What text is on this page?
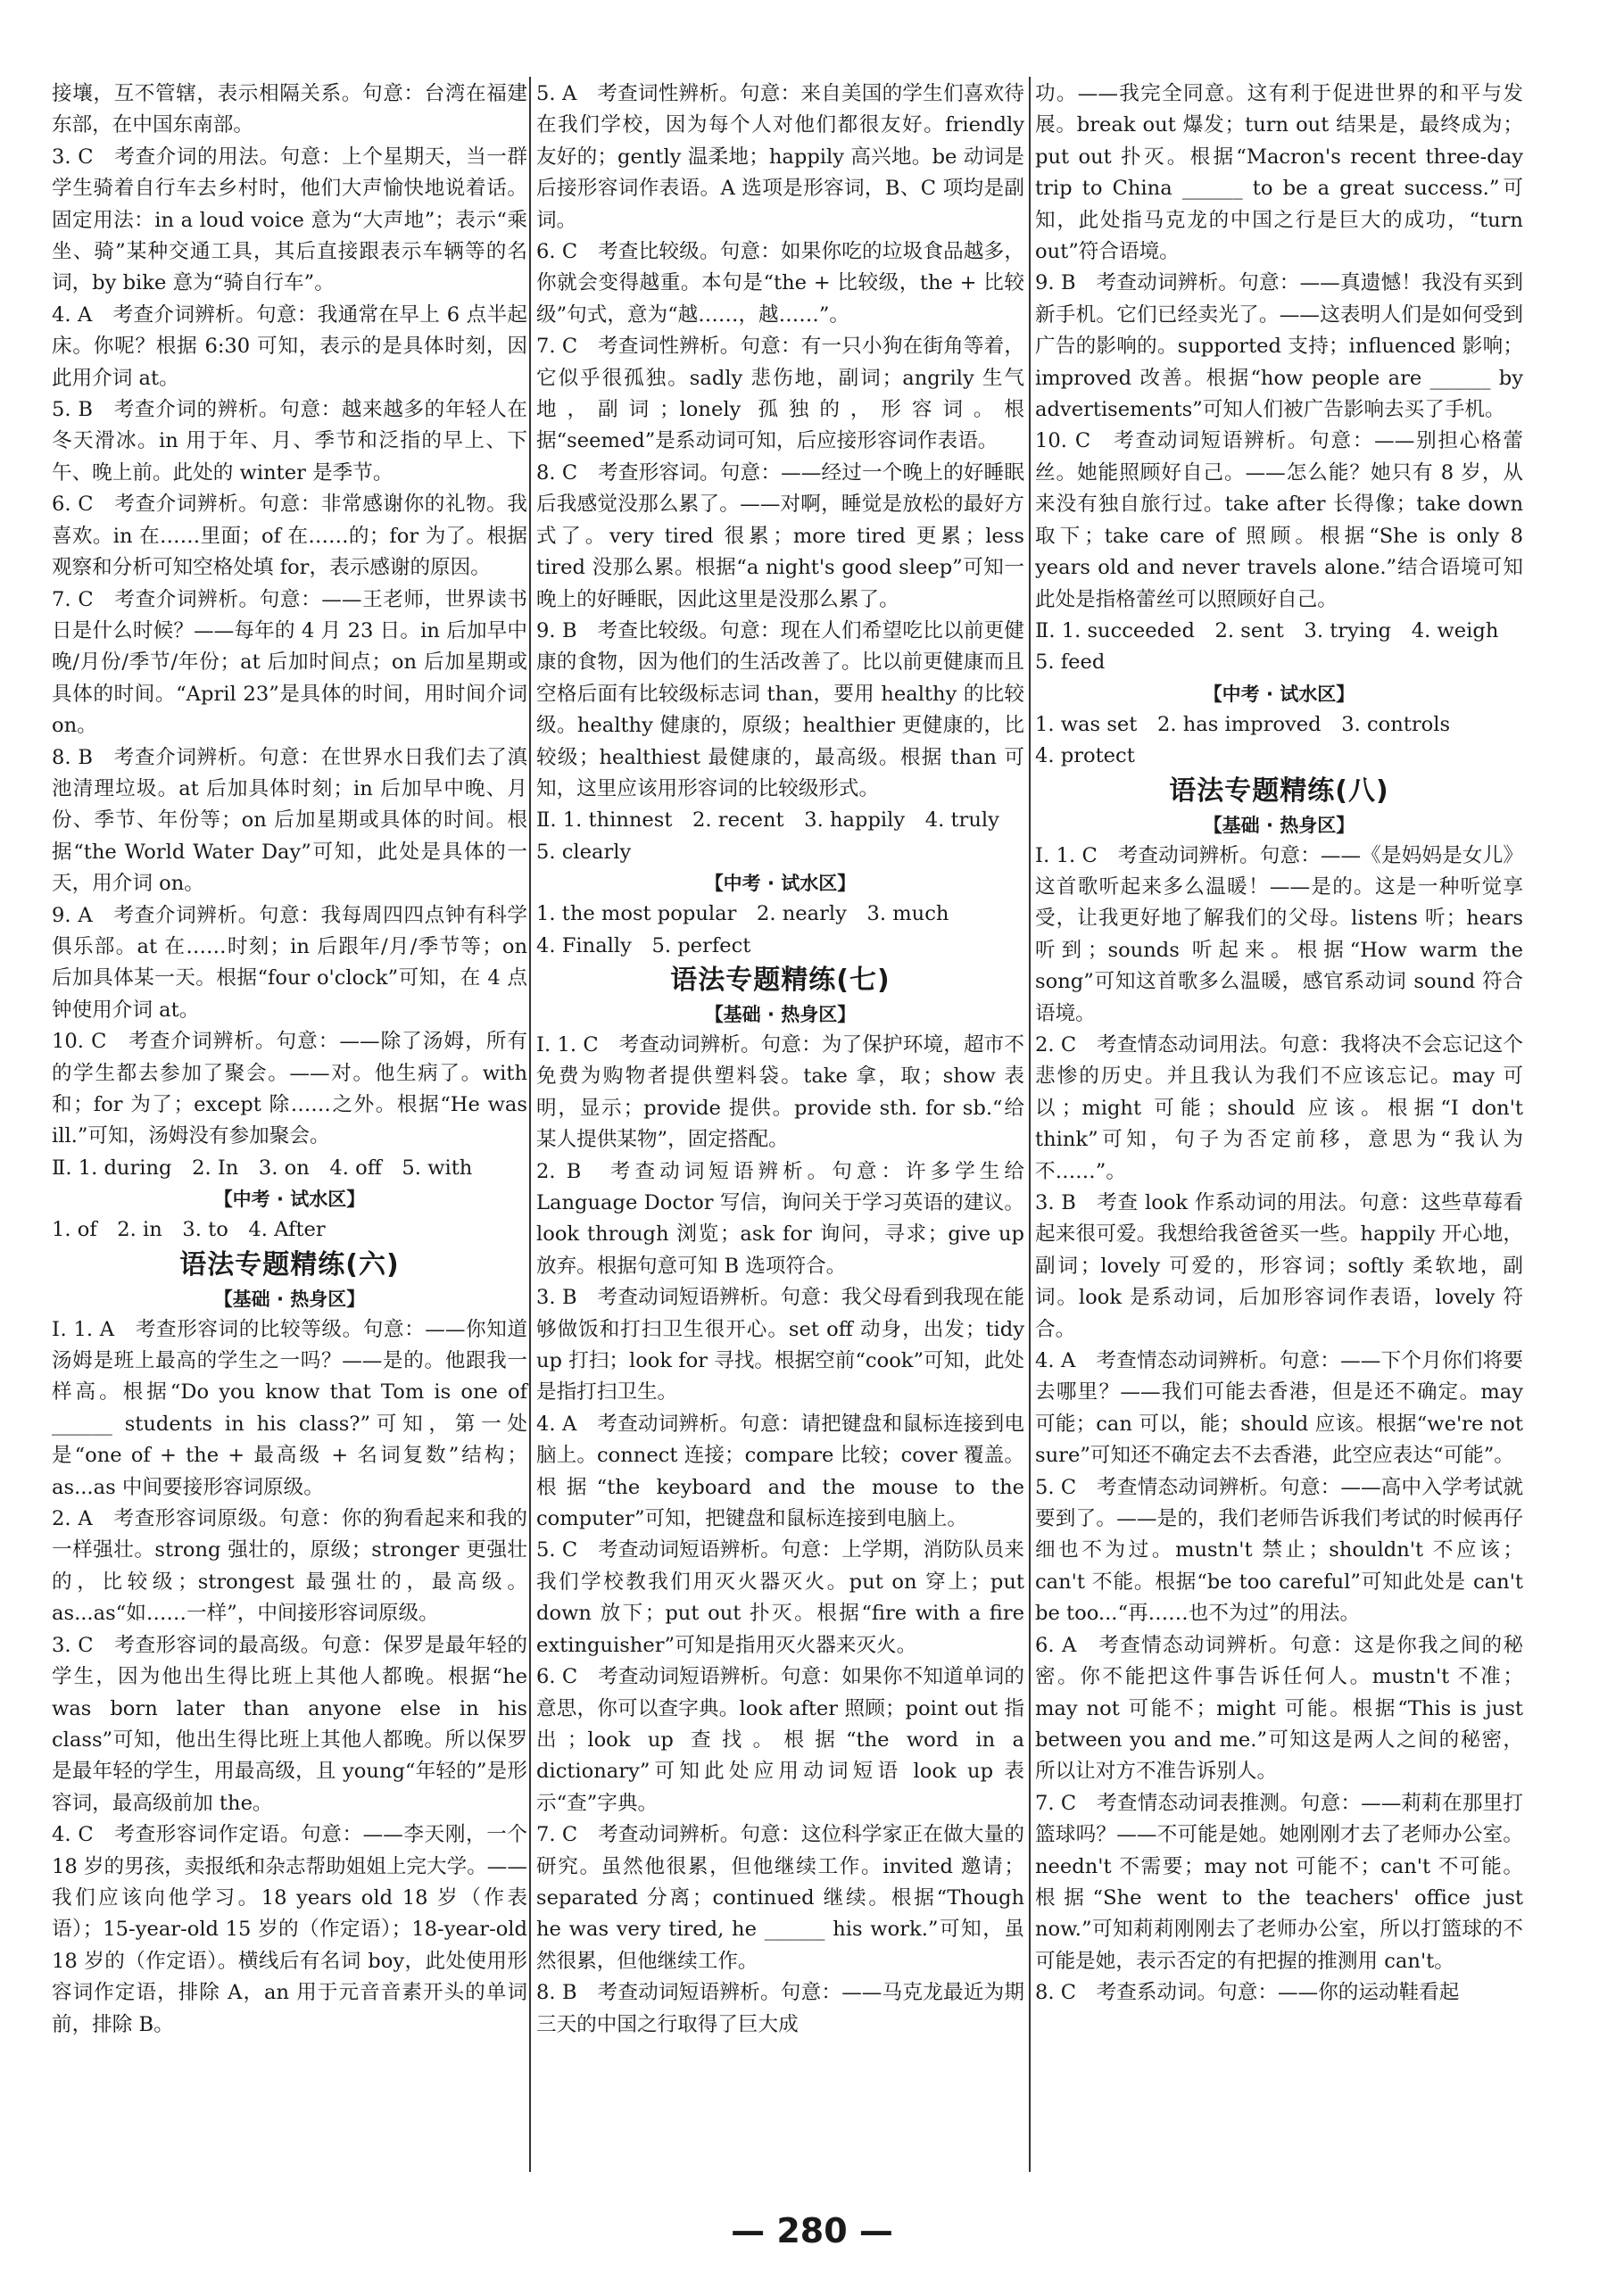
接壤，互不管辖，表示相隔关系。句意：台湾在福建东部，在中国东南部。

3. C　考查介词的用法。句意：上个星期天，当一群学生骑着自行车去乡村时，他们大声愉快地说着话。固定用法：in a loud voice 意为“大声地”；表示“乘坐、骑”某种交通工具，其后直接跟表示车辆等的名词，by bike 意为“骑自行车”。

4. A　考查介词辨析。句意：我通常在早上 6 点半起床。你呢？根据 6:30 可知，表示的是具体时刻，因此用介词 at。

5. B　考查介词的辨析。句意：越来越多的年轻人在冬天滑冰。in 用于年、月、季节和泛指的早上、下午、晚上前。此处的 winter 是季节。

6. C　考查介词辨析。句意：非常感谢你的礼物。我喜欢。in 在……里面；of 在……的；for 为了。根据观察和分析可知空格处填 for，表示感谢的原因。

7. C　考查介词辨析。句意：——王老师，世界读书日是什么时候？——每年的 4 月 23 日。in 后加早中晚/月份/季节/年份；at 后加时间点；on 后加星期或具体的时间。“April 23”是具体的时间，用时间介词 on。

8. B　考查介词辨析。句意：在世界水日我们去了滇池清理垃圾。at 后加具体时刻；in 后加早中晚、月份、季节、年份等；on 后加星期或具体的时间。根据“the World Water Day”可知，此处是具体的一天，用介词 on。

9. A　考查介词辨析。句意：我每周四四点钟有科学俱乐部。at 在……时刻；in 后跟年/月/季节等；on 后加具体某一天。根据“four o'clock”可知，在 4 点钟使用介词 at。

10. C　考查介词辨析。句意：——除了汤姆，所有的学生都去参加了聚会。——对。他生病了。with 和；for 为了；except 除……之外。根据“He was ill.”可知，汤姆没有参加聚会。

Ⅱ. 1. during　2. In　3. on　4. off　5. with

【中考 · 试水区】

1. of　2. in　3. to　4. After

语法专题精练(六)

【基础 · 热身区】

Ⅰ. 1. A　考查形容词的比较等级。句意：——你知道汤姆是班上最高的学生之一吗？——是的。他跟我一样高。根据“Do you know that Tom is one of ______ students in his class?”可知，第一处是“one of + the + 最高级 + 名词复数”结构；as...as 中间要接形容词原级。

2. A　考查形容词原级。句意：你的狗看起来和我的一样强壮。strong 强壮的，原级；stronger 更强壮的，比较级；strongest 最强壮的，最高级。as...as“如……一样”，中间接形容词原级。

3. C　考查形容词的最高级。句意：保罗是最年轻的学生，因为他出生得比班上其他人都晚。根据“he was born later than anyone else in his class”可知，他出生得比班上其他人都晚。所以保罗是最年轻的学生，用最高级，且 young“年轻的”是形容词，最高级前加 the。

4. C　考查形容词作定语。句意：——李天刚，一个 18 岁的男孩，卖报纸和杂志帮助姐姐上完大学。——我们应该向他学习。18 years old 18 岁（作表语）；15-year-old 15 岁的（作定语）；18-year-old 18 岁的（作定语）。横线后有名词 boy，此处使用形容词作定语，排除 A，an 用于元音音素开头的单词前，排除 B。

5. A　考查词性辨析。句意：来自美国的学生们喜欢待在我们学校，因为每个人对他们都很友好。friendly 友好的；gently 温柔地；happily 高兴地。be 动词是后接形容词作表语。A 选项是形容词，B、C 项均是副词。

6. C　考查比较级。句意：如果你吃的垃圾食品越多，你就会变得越重。本句是“the + 比较级，the + 比较级”句式，意为“越……，越……”。

7. C　考查词性辨析。句意：有一只小狗在街角等着，它似乎很孤独。sadly 悲伤地，副词；angrily 生气地，副词；lonely 孤独的，形容词。根据“seemed”是系动词可知，后应接形容词作表语。

8. C　考查形容词。句意：——经过一个晚上的好睡眠后我感觉没那么累了。——对啊，睡觉是放松的最好方式了。very tired 很累；more tired 更累；less tired 没那么累。根据“a night's good sleep”可知一晚上的好睡眠，因此这里是没那么累了。

9. B　考查比较级。句意：现在人们希望吃比以前更健康的食物，因为他们的生活改善了。比以前更健康而且空格后面有比较级标志词 than，要用 healthy 的比较级。healthy 健康的，原级；healthier 更健康的，比较级；healthiest 最健康的，最高级。根据 than 可知，这里应该用形容词的比较级形式。

Ⅱ. 1. thinnest　2. recent　3. happily　4. truly　5. clearly

【中考 · 试水区】

1. the most popular　2. nearly　3. much

4. Finally　5. perfect

语法专题精练(七)

【基础 · 热身区】

Ⅰ. 1. C　考查动词辨析。句意：为了保护环境，超市不免费为购物者提供塑料袋。take 拿，取；show 表明，显示；provide 提供。provide sth. for sb.“给某人提供某物”，固定搭配。

2. B　考查动词短语辨析。句意：许多学生给 Language Doctor 写信，询问关于学习英语的建议。look through 浏览；ask for 询问，寻求；give up 放弃。根据句意可知 B 选项符合。

3. B　考查动词短语辨析。句意：我父母看到我现在能够做饭和打扫卫生很开心。set off 动身，出发；tidy up 打扫；look for 寻找。根据空前“cook”可知，此处是指打扫卫生。

4. A　考查动词辨析。句意：请把键盘和鼠标连接到电脑上。connect 连接；compare 比较；cover 覆盖。根据“the keyboard and the mouse to the computer”可知，把键盘和鼠标连接到电脑上。

5. C　考查动词短语辨析。句意：上学期，消防队员来我们学校教我们用灭火器灭火。put on 穿上；put down 放下；put out 扑灭。根据“fire with a fire extinguisher”可知是指用灭火器来灭火。

6. C　考查动词短语辨析。句意：如果你不知道单词的意思，你可以查字典。look after 照顾；point out 指出；look up 查找。根据“the word in a dictionary”可知此处应用动词短语 look up 表示“查”字典。

7. C　考查动词辨析。句意：这位科学家正在做大量的研究。虽然他很累，但他继续工作。invited 邀请；separated 分离；continued 继续。根据“Though he was very tired, he ______ his work.”可知，虽然很累，但他继续工作。

8. B　考查动词短语辨析。句意：——马克龙最近为期三天的中国之行取得了巨大成

功。——我完全同意。这有利于促进世界的和平与发展。break out 爆发；turn out 结果是，最终成为；put out 扑灭。根据“Macron's recent three-day trip to China ______ to be a great success.”可知，此处指马克龙的中国之行是巨大的成功，“turn out”符合语境。

9. B　考查动词辨析。句意：——真遗憾！我没有买到新手机。它们已经卖光了。——这表明人们是如何受到广告的影响的。supported 支持；influenced 影响；improved 改善。根据“how people are ______ by advertisements”可知人们被广告影响去买了手机。

10. C　考查动词短语辨析。句意：——别担心格蕾丝。她能照顾好自己。——怎么能？她只有 8 岁，从来没有独自旅行过。take after 长得像；take down 取下；take care of 照顾。根据“She is only 8 years old and never travels alone.”结合语境可知此处是指格蕾丝可以照顾好自己。

Ⅱ. 1. succeeded　2. sent　3. trying　4. weigh　5. feed

【中考 · 试水区】

1. was set　2. has improved　3. controls

4. protect

语法专题精练(八)

【基础 · 热身区】

Ⅰ. 1. C　考查动词辨析。句意：——《是妈妈是女儿》这首歌听起来多么温暖！——是的。这是一种听觉享受，让我更好地了解我们的父母。listens 听；hears 听到；sounds 听起来。根据“How warm the song”可知这首歌多么温暖，感官系动词 sound 符合语境。

2. C　考查情态动词用法。句意：我将决不会忘记这个悲惨的历史。并且我认为我们不应该忘记。may 可以；might 可能；should 应该。根据“I don't think”可知，句子为否定前移，意思为“我认为不……”。

3. B　考查 look 作系动词的用法。句意：这些草莓看起来很可爱。我想给我爸爸买一些。happily 开心地，副词；lovely 可爱的，形容词；softly 柔软地，副词。look 是系动词，后加形容词作表语，lovely 符合。

4. A　考查情态动词辨析。句意：——下个月你们将要去哪里？——我们可能去香港，但是还不确定。may 可能；can 可以，能；should 应该。根据“we're not sure”可知还不确定去不去香港，此空应表达“可能”。

5. C　考查情态动词辨析。句意：——高中入学考试就要到了。——是的，我们老师告诉我们考试的时候再仔细也不为过。mustn't 禁止；shouldn't 不应该；can't 不能。根据“be too careful”可知此处是 can't be too...“再……也不为过”的用法。

6. A　考查情态动词辨析。句意：这是你我之间的秘密。你不能把这件事告诉任何人。mustn't 不准；may not 可能不；might 可能。根据“This is just between you and me.”可知这是两人之间的秘密，所以让对方不准告诉别人。

7. C　考查情态动词表推测。句意：——莉莉在那里打篮球吗？——不可能是她。她刚刚才去了老师办公室。needn't 不需要；may not 可能不；can't 不可能。根据“She went to the teachers' office just now.”可知莉莉刚刚去了老师办公室，所以打篮球的不可能是她，表示否定的有把握的推测用 can't。

8. C　考查系动词。句意：——你的运动鞋看起

— 280 —
